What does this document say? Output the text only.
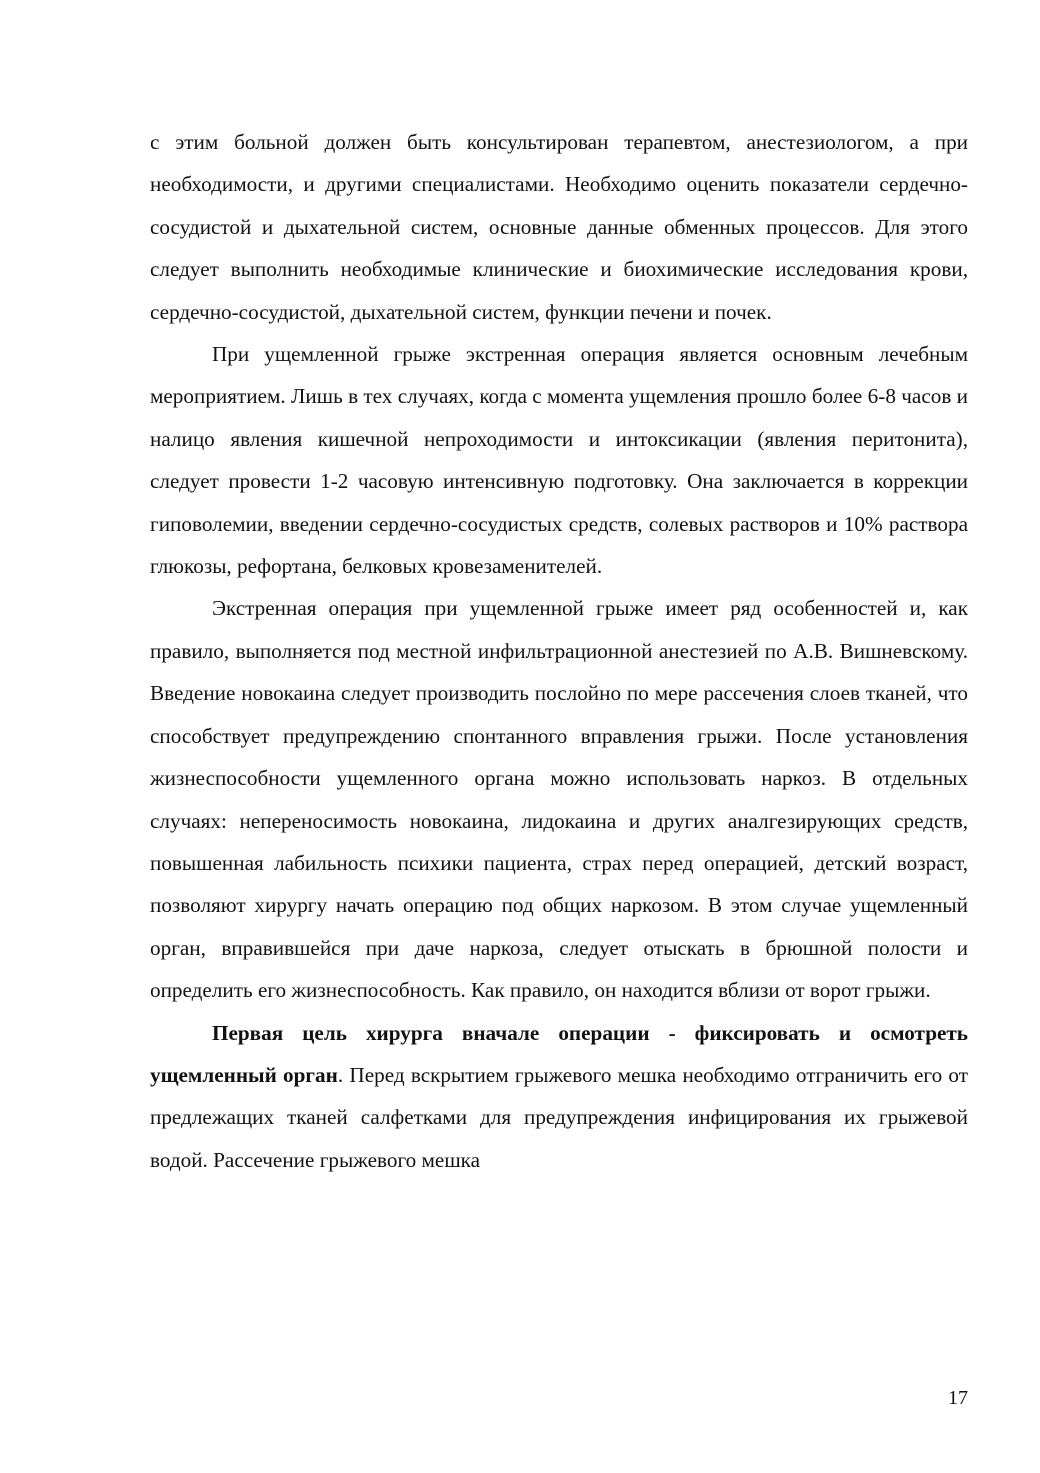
с этим больной должен быть консультирован терапевтом, анестезиологом, а при необходимости, и другими специалистами. Необходимо оценить показатели сердечно-сосудистой и дыхательной систем, основные данные обменных процессов. Для этого следует выполнить необходимые клинические и биохимические исследования крови, сердечно-сосудистой, дыхательной систем, функции печени и почек.

При ущемленной грыже экстренная операция является основным лечебным мероприятием. Лишь в тех случаях, когда с момента ущемления прошло более 6-8 часов и налицо явления кишечной непроходимости и интоксикации (явления перитонита), следует провести 1-2 часовую интенсивную подготовку. Она заключается в коррекции гиповолемии, введении сердечно-сосудистых средств, солевых растворов и 10% раствора глюкозы, рефортана, белковых кровезаменителей.

Экстренная операция при ущемленной грыже имеет ряд особенностей и, как правило, выполняется под местной инфильтрационной анестезией по А.В. Вишневскому. Введение новокаина следует производить послойно по мере рассечения слоев тканей, что способствует предупреждению спонтанного вправления грыжи. После установления жизнеспособности ущемленного органа можно использовать наркоз. В отдельных случаях: непереносимость новокаина, лидокаина и других аналгезирующих средств, повышенная лабильность психики пациента, страх перед операцией, детский возраст, позволяют хирургу начать операцию под общих наркозом. В этом случае ущемленный орган, вправившейся при даче наркоза, следует отыскать в брюшной полости и определить его жизнеспособность. Как правило, он находится вблизи от ворот грыжи.

Первая цель хирурга вначале операции - фиксировать и осмотреть ущемленный орган. Перед вскрытием грыжевого мешка необходимо отграничить его от предлежащих тканей салфетками для предупреждения инфицирования их грыжевой водой. Рассечение грыжевого мешка

17
